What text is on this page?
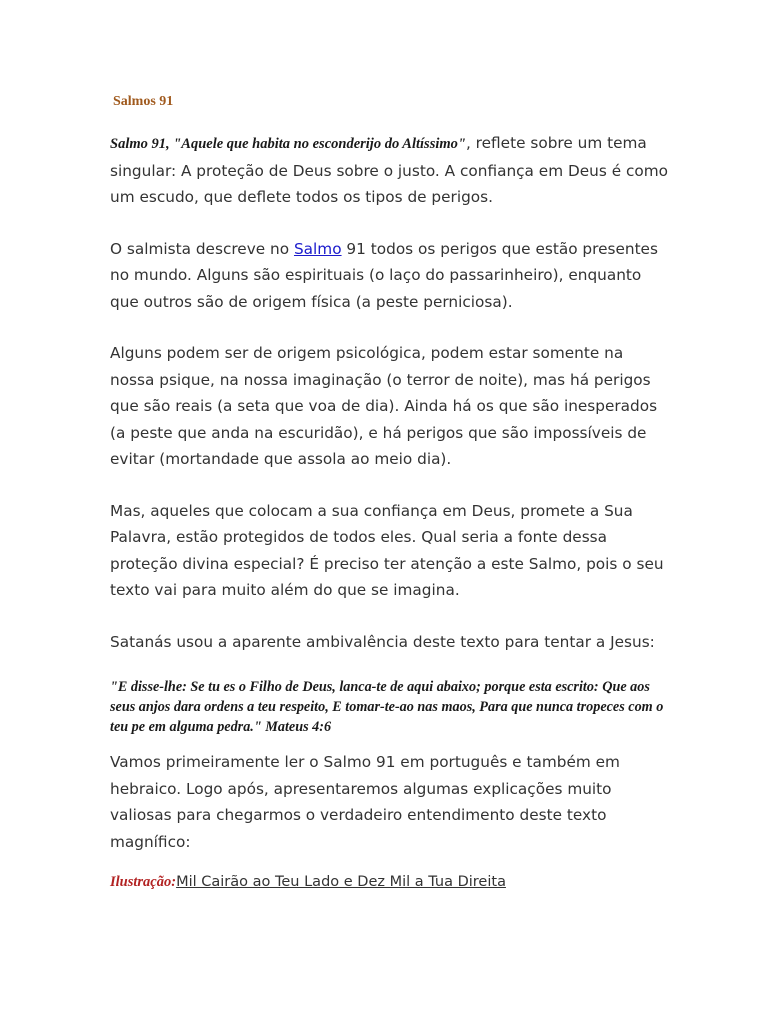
Salmos 91

Salmo 91, "Aquele que habita no esconderijo do Altíssimo", reflete sobre um tema singular: A proteção de Deus sobre o justo. A confiança em Deus é como um escudo, que deflete todos os tipos de perigos.

O salmista descreve no Salmo 91 todos os perigos que estão presentes no mundo. Alguns são espirituais (o laço do passarinheiro), enquanto que outros são de origem física (a peste perniciosa).

Alguns podem ser de origem psicológica, podem estar somente na nossa psique, na nossa imaginação (o terror de noite), mas há perigos que são reais (a seta que voa de dia). Ainda há os que são inesperados (a peste que anda na escuridão), e há perigos que são impossíveis de evitar (mortandade que assola ao meio dia).

Mas, aqueles que colocam a sua confiança em Deus, promete a Sua Palavra, estão protegidos de todos eles. Qual seria a fonte dessa proteção divina especial? É preciso ter atenção a este Salmo, pois o seu texto vai para muito além do que se imagina.

Satanás usou a aparente ambivalência deste texto para tentar a Jesus:

"E disse-lhe: Se tu es o Filho de Deus, lanca-te de aqui abaixo; porque esta escrito: Que aos seus anjos dara ordens a teu respeito, E tomar-te-ao nas maos, Para que nunca tropeces com o teu pe em alguma pedra." Mateus 4:6

Vamos primeiramente ler o Salmo 91 em português e também em hebraico. Logo após, apresentaremos algumas explicações muito valiosas para chegarmos o verdadeiro entendimento deste texto magnífico:

Ilustração:Mil Cairão ao Teu Lado e Dez Mil a Tua Direita
